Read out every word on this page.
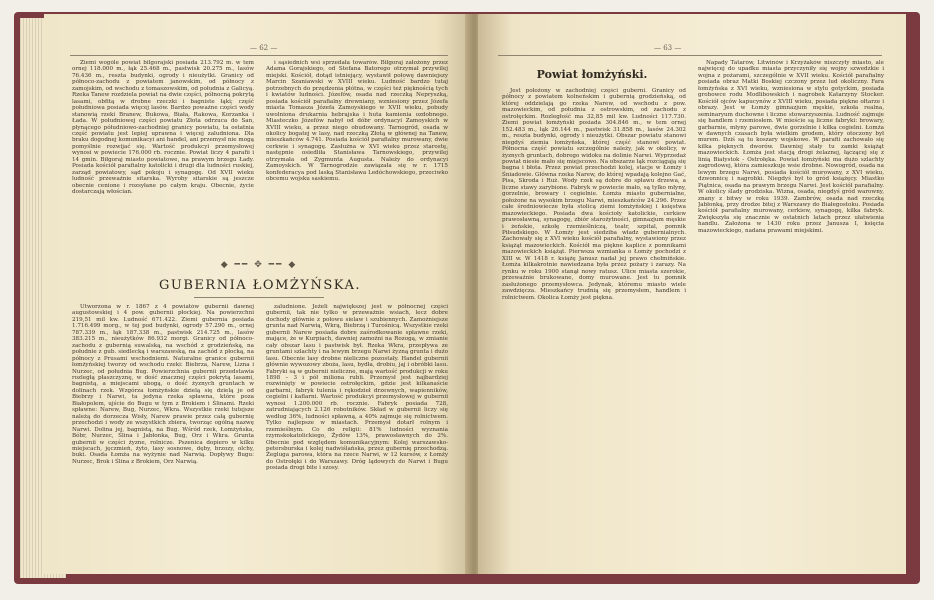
— 62 —

Ziemi wogóle powiat bilgorajski posiada 213.792 m. w tem ornej 118.000 m., łąk 25.468 m., pastwisk 20.275 m., lasów 76.436 m., reszta budynki, ogrody i nieużytki. Granicy od północo-zachodu z powiatem janowskim, od północy z zamojskim, od wschodu z tomaszowskim, od południa z Galicyą. Rzeka Tanew rozdziela powiat na dwie części, północną pokrytą lasami, obfitą w drobne rzeczki i bagniste łąki; część południowa posiada więcej lasów. Bardzo poważne części wody stanowią rzeki Branew, Bukowa, Biała, Rakowa, Korzanka i Łada. W południowej części powiatu Złota odrzuca do San, płynącego półudniowo-zachodniej granicy powiatu, ta ostatnia część powiatu jest lepiej uprawna i więcej zaludniona. Dla braku dogodnej komunikacyi ani handel, ani przemysł nie mogą pomyślnie rozwijać się. Wartość produkcyi przemysłowej wynosi w powiecie 176.000 rb. rocznie. Powiat liczy 4 parafii i 14 gmin. Biłgoraj miasto powiatowe, na prawym brzegu Łady. Posiada kościół parafialny katolicki i drugi dla ludności ruskiej, zarząd powiatowy, sąd pokoju i synagogę. Od XVII wieku ludność przeważnie sitarska. Wyroby sitarskie są jeszcze obecnie cenione i rozsyłane po całym kraju. Obecnie, życie dostarczają włościan.

i sąsiednich wsi sprzedała towarów. Biłgoraj założony przez Adama Gorajskiego, od Stefana Batorego otrzymał przywilej miejski. Kościół, dotąd istniejący, wystawił połowę dawniejszy Marcin Szaniawski w XVIII wieku. Ludność bardzo tutaj potrzebnych do przędzenia płótna, w części też pięknością tych i kwiatów ludności. Józefów, osada nad rzeczką Nepryszką, posiada kościół parafialny drewniany, wzniesiony przez Józefa miasta Tomasza Józefa Zamoyskiego w XVII wieku, pobudy uwolniona drukarnia hebrajska i huta kamienia ozdobnego. Miasteczko Józefów nabył od dóbr ordynacyi Zamoyskich w XVIII wieku, a przez niego obudowany. Tarnogród, osada w okolicy bogatej w lasy, nad rzeczką Złotą w głównej na Tanew, mieszkańców 4.741. Posiada kościół parafialny murowany, dwie cerkwie i synagogę. Zasłużna w XVI wieku przez starostę, następnie osiedliła Stanisława Tarnowskiego, przywilej otrzymała od Zygmunta Augusta. Należy do ordynacyi Zamoyskich. W Tarnogrodzie zawiązała się w r. 1715 konfederacya pod laską Stanisława Ledóchowskiego, przeciwko obcemu wojsku saskiemu.

◆ ━━ ✥ ━━ ◆
GUBERNIA ŁOMŻYŃSKA.

Utworzona w r. 1867 z 4 powiatów gubernii dawnej augustowskiej i 4 pow. gubernii płockiej. Na powierzchni 219,51 mil kw. Ludność 671.422. Ziemi gubernia posiada 1.716.499 morg., w tej pod budynki, ogrody 57.290 m., ornej 787.339 m., łąk 187.338 m., pastwisk 214.725 m., lasów 383.215 m., nieużytków 86.932 morgi. Granicy od północo-zachodu z gubernią suwalską, na wschód z grodzieńską, na południe z gub. siedlecką i warszawską, na zachód z płocką, na północy z Prusami wschodniemi. Naturalne granice gubernii łomżyńskiej tworzy od wschodu rzeki: Biebrza, Narew, Lizna i Nurzec, od południa Bug. Powierzchnia gubernii przedstawia rozległą płaszczyznę, w dość znacznej części pokrytą lasami, bagnistą, a miejscami ubogą, o dość żyznych gruntach w dolinach rzek. Wzgórza łomżyńskie dzielą się dzielą je od Biebrzy i Narwi, ta jedyna rzeka spławna, które poza Białopolem, ujście do Bugu w tym z Brokiem i Ślinami. Rzeki spławne: Narew, Bug, Nurzec, Wkra. Wszystkie rzeki tutejsze należą do dorzecza Wisły, Narew prawie przez całą gubernię przechodzi i wody ze wszystkich zbiera, tworząc ogólną nazwę Narwi. Dolina jej, bagnistą, na Bug. Wśród rzek, Łomżyńska, Bóbr, Nurzec, Ślina i Jabłonka, Bug, Orz i Wkra. Grunta gubernii w części żyzne, rolnicze. Pszenica dopiero w kilku miejscach, jęczmień, żyto, lasy sosnowe, dęby, brzozy, olchy, buki. Osada Łomża na wyżynie nad Narwią. Dopływy Bugu: Nurzec, Brok i Ślina z Brokiem, Orz Narwią.

zaludnione. Jeżeli największej jest w północnej części gubernii, tak nie tylko w przeważnie wsiach, lecz dobre dochody głównie z połowu sielaw i szubiennych. Zamożniejsze grunta nad Narwią, Wkrą, Biebrzą i Turośnicą. Wszystkie rzeki gubernii Narew posiada dobre zaśrodkowanie spławne rzeki, mające, że w Kurpiach, dawniej zamożni na Rozogą, w zmianie cały obszar lasu i pastwisk był. Rzeka Wkra, przepływa ze gruntami szlachty i na lewym brzegu Narwi żyzną grunta i dużo lasu. Obecnie lasy drobne nieliczne pozostały. Handel gubernii głównie wywozowy zboża, lasu, bydła, drobiu, jaj i obróbki lasu. Fabryki są w gubernii nieliczne, mają wartość produkcji w roku 1898 – 3 i pół miliona rubli. Przemysł jest najbardziej rozwinięty w powiecie ostrołęckim, gdzie jest kilkanaście garbarni, fabryk tulenia i rękodzieł drzewnych, wapienników, cegielni i kaflarni. Wartość produkcyi przemysłowej w gubernii wynosi 1.200.000 rb. rocznie. Fabryk posiada 728, zatrudniających 2.126 robotników. Skład w gubernii liczy się według 36%, ludności spławną, a 40% zajmuje się rolnictwem. Tylko najlepsze w miastach. Przemysł dotarł rolnym i rzemieślnym. Co do religii: 81% ludności wyznania rzymskokatolickiego, Żydów 13%, prawosławnych do 2%. Obecnie pod względem komunikacyjnym: Kolej warszawsko-petersburska i kolej nadwiślańska, przez gubernię przechodzą. Żegluga parowa, która na rzece Narwi, w 12 kursów, z Łomży do Ostrołęki i do Warszawy. Dróg lądowych do Narwi i Bugu posiada drogi bite i szosy.

— 63 —
Powiat łomżyński.

Jest położony w zachodniej części guberni. Granicy od północy z powiatem kolneńskim i gubernią grodzieńską, od której oddzielają go rzeka Narew, od wschodu z pow. mazowieckim, od południa z ostrowskim, od zachodu z ostrołęckim. Rozległość ma 32,85 mil kw. Ludności 117.730. Ziemi powiat łomżyński posiada 304.846 m., w tem ornej 152.483 m., łąk 26.144 m., pastwisk 31.858 m., lasów 24.302 m., reszta budynki, ogrody i nieużytki. Obszar powiatu stanowi niegdyś ziemia łomżyńska, której część stanowi powiat. Północna część powiatu szczególnie należy, jak w okolicy, w żyznych gruntach, dobrego widoku na dolinie Narwi. Wyprzedaż powiat niesie mało się miejscowo. Na obszarze łąk rozciągają się bagna i błota. Przez powiat przechodzi kolej, stacje w Łomży i Śniadowie. Główna rzeka Narew, do której wpadają kolejno Gać, Pisa, Skroda i Ruż. Wody rzek są dobre do spławu drzewa, a liczne stawy zarybione. Fabryk w powiecie mało, są tylko młyny, gorzelnie, browary i cegielnie. Łomża miasto gubernialne, położone na wysokim brzegu Narwi, mieszkańców 24.296. Przez całe średniowiecze była stolicą ziemi łomżyńskiej i księstwa mazowieckiego. Posiada dwa kościoły katolickie, cerkiew prawosławną, synagogę, zbiór starożytności, gimnazjum męskie i żeńskie, szkołę rzemieślniczą, teatr, szpital, pomnik Piłsudskiego. W Łomży jest siedziba władz gubernialnych. Zachowały się z XVI wieku kościół parafialny, wystawiony przez książąt mazowieckich. Kościół ma piękne kaplice z pomnikami mazowieckich książąt. Pierwsza wzmianka o Łomży pochodzi z XIII w. W 1418 r. książę Janusz nadał jej prawo chełmińskie. Łomża kilkakrotnie nawiedzana była przez pożary i zarazy. Na rynku w roku 1900 stanął nowy ratusz. Ulice miasta szerokie, przeważnie brukowane, domy murowane. Jest tu pomnik zasłużonego przemysłowca. Jedynak, któremu miasto wiele zawdzięcza. Mieszkańcy trudnią się przemysłem, handlem i rolnictwem. Okolica Łomży jest piękna.

Napady Tatarów, Litwinów i Krzyżaków niszczyły miasto, ale najwięcej do upadku miasta przyczyniły się wojny szwedzkie i wojna z pożarami, szczególnie w XVII wieku. Kościół parafialny posiada obraz Matki Boskiej czczony przez lud okoliczny. Fara łomżyńska z XVI wieku, wzniesiona w stylu gotyckim, posiada grobowce rodu Modlibowskich i nagrobek Katarzyny Stocker. Kościół ojców kapucynów z XVIII wieku, posiada piękne ołtarze i obrazy. Jest w Łomży gimnazjum męskie, szkoła realna, seminaryum duchowne i liczne stowarzyszenia. Ludność zajmuje się handlem i rzemiosłem. W mieście są liczne fabryki: browary, garbarnie, młyny parowe, dwie gorzelnie i kilka cegielni. Łomża w dawnych czasach była wielkim grodem, który otoczony był murem. Dziś są tu koszary wojskowe. W parafii zachowało się kilka pięknych dworów. Dawniej stały tu zamki książąt mazowieckich. Łomża jest stacją drogi żelaznej, łączącej się z linią Białystok - Ostrołęka. Powiat łomżyński ma dużo szlachty zagrodowej, która zamieszkuje wsie drobne. Nowogród, osada na lewym brzegu Narwi, posiada kościół murowany, z XVI wieku, dzwonnicę i nagrobki. Niegdyś był to gród książęcy. Miastko Piątnica, osada na prawym brzegu Narwi. Jest kościół parafialny. W okolicy ślady grodziska. Wizna, osada, niegdyś gród warowny, znany z bitwy w roku 1939. Zambrów, osada nad rzeczką Jabłonką, przy drodze bitej z Warszawy do Białegostoku. Posiada kościół parafialny murowany, cerkiew, synagogę, kilka fabryk. Zwiększyła się znacznie w ostatnich latach przez ułatwienia handlu. Założona w 1430 roku przez Janusza I, księcia mazowieckiego, nadana prawami miejskimi.
